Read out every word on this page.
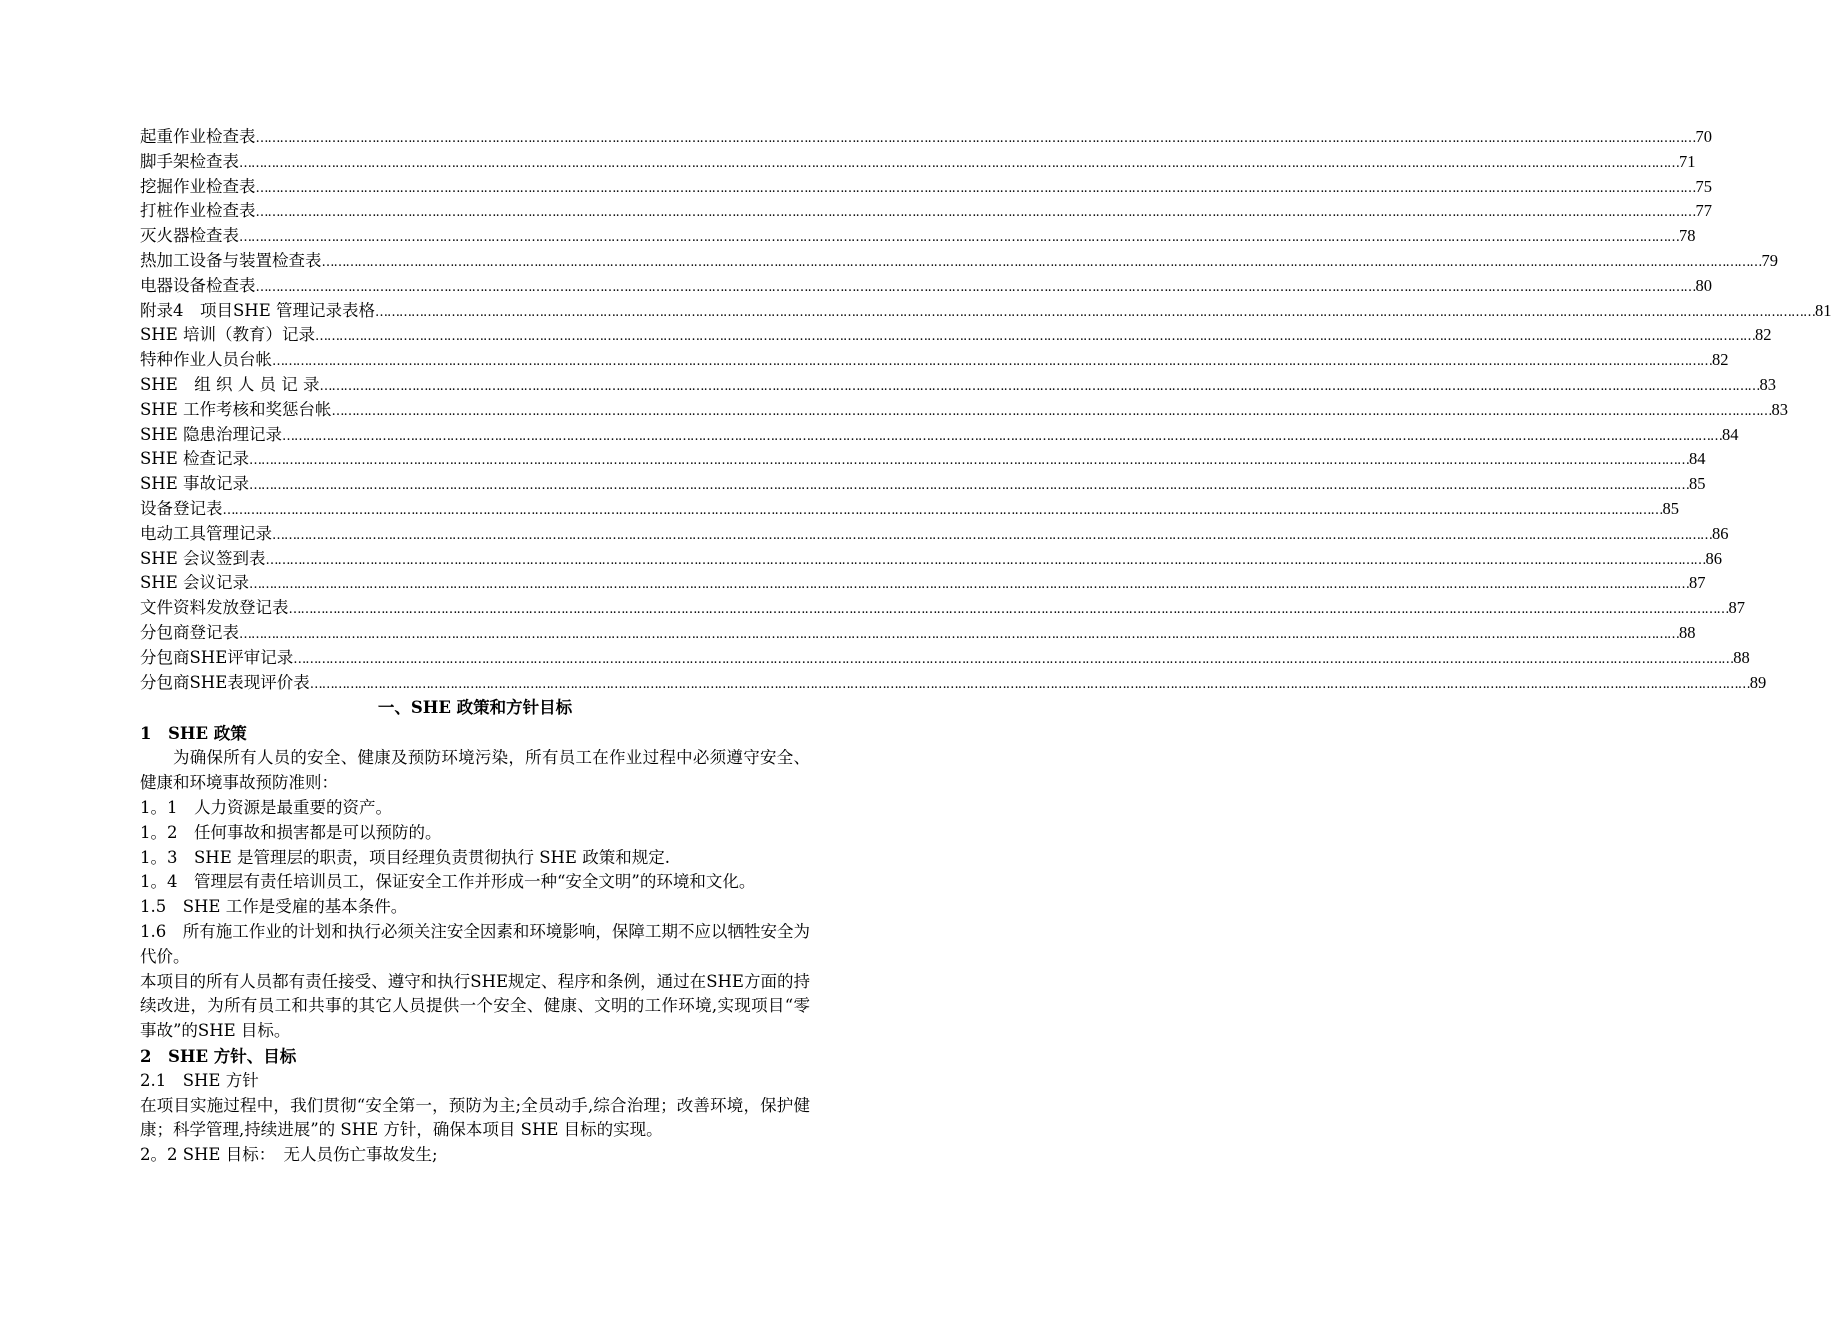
起重作业检查表 ……………………………………………………………………………………………………………………………………………………………………………………………………………………………………………………………………………………………………………………………… 70
脚手架检查表 ……………………………………………………………………………………………………………………………………………………………………………………………………………………………………………………………………………………………………………………………… 71
挖掘作业检查表 ……………………………………………………………………………………………………………………………………………………………………………………………………………………………………………………………………………………………………………………………… 75
打桩作业检查表 ……………………………………………………………………………………………………………………………………………………………………………………………………………………………………………………………………………………………………………………………… 77
灭火器检查表 ……………………………………………………………………………………………………………………………………………………………………………………………………………………………………………………………………………………………………………………………… 78
热加工设备与装置检查表 ……………………………………………………………………………………………………………………………………………………………………………………………………………………………………………………………………………………………………………………………… 79
电器设备检查表 ……………………………………………………………………………………………………………………………………………………………………………………………………………………………………………………………………………………………………………………………… 80
附录4　项目SHE 管理记录表格 ……………………………………………………………………………………………………………………………………………………………………………………………………………………………………………………………………………………………………………………………… 81
SHE 培训（教育）记录 ……………………………………………………………………………………………………………………………………………………………………………………………………………………………………………………………………………………………………………………………… 82
特种作业人员台帐 ……………………………………………………………………………………………………………………………………………………………………………………………………………………………………………………………………………………………………………………………… 82
SHE　组 织 人 员 记 录 ……………………………………………………………………………………………………………………………………………………………………………………………………………………………………………………………………………………………………………………………… 83
SHE 工作考核和奖惩台帐 ……………………………………………………………………………………………………………………………………………………………………………………………………………………………………………………………………………………………………………………………… 83
SHE 隐患治理记录 ……………………………………………………………………………………………………………………………………………………………………………………………………………………………………………………………………………………………………………………………… 84
SHE 检查记录 ……………………………………………………………………………………………………………………………………………………………………………………………………………………………………………………………………………………………………………………………… 84
SHE 事故记录 ……………………………………………………………………………………………………………………………………………………………………………………………………………………………………………………………………………………………………………………………… 85
设备登记表 ……………………………………………………………………………………………………………………………………………………………………………………………………………………………………………………………………………………………………………………………… 85
电动工具管理记录 ……………………………………………………………………………………………………………………………………………………………………………………………………………………………………………………………………………………………………………………………… 86
SHE 会议签到表 ……………………………………………………………………………………………………………………………………………………………………………………………………………………………………………………………………………………………………………………………… 86
SHE 会议记录 ……………………………………………………………………………………………………………………………………………………………………………………………………………………………………………………………………………………………………………………………… 87
文件资料发放登记表 ……………………………………………………………………………………………………………………………………………………………………………………………………………………………………………………………………………………………………………………………… 87
分包商登记表 ……………………………………………………………………………………………………………………………………………………………………………………………………………………………………………………………………………………………………………………………… 88
分包商SHE评审记录 ……………………………………………………………………………………………………………………………………………………………………………………………………………………………………………………………………………………………………………………………… 88
分包商SHE表现评价表 ……………………………………………………………………………………………………………………………………………………………………………………………………………………………………………………………………………………………………………………………… 89
一、SHE 政策和方针目标
1　SHE 政策

为确保所有人员的安全、健康及预防环境污染，所有员工在作业过程中必须遵守安全、健康和环境事故预防准则：

1。1　人力资源是最重要的资产。

1。2　任何事故和损害都是可以预防的。

1。3　SHE 是管理层的职责，项目经理负责贯彻执行 SHE 政策和规定.

1。4　管理层有责任培训员工，保证安全工作并形成一种“安全文明”的环境和文化。

1.5　SHE 工作是受雇的基本条件。

1.6　所有施工作业的计划和执行必须关注安全因素和环境影响，保障工期不应以牺牲安全为代价。

本项目的所有人员都有责任接受、遵守和执行SHE规定、程序和条例，通过在SHE方面的持续改进，为所有员工和共事的其它人员提供一个安全、健康、文明的工作环境,实现项目“零事故”的SHE 目标。

2　SHE 方针、目标

2.1　SHE 方针

在项目实施过程中，我们贯彻“安全第一，预防为主;全员动手,综合治理；改善环境，保护健康；科学管理,持续进展”的 SHE 方针，确保本项目 SHE 目标的实现。

2。2 SHE 目标：　无人员伤亡事故发生;
